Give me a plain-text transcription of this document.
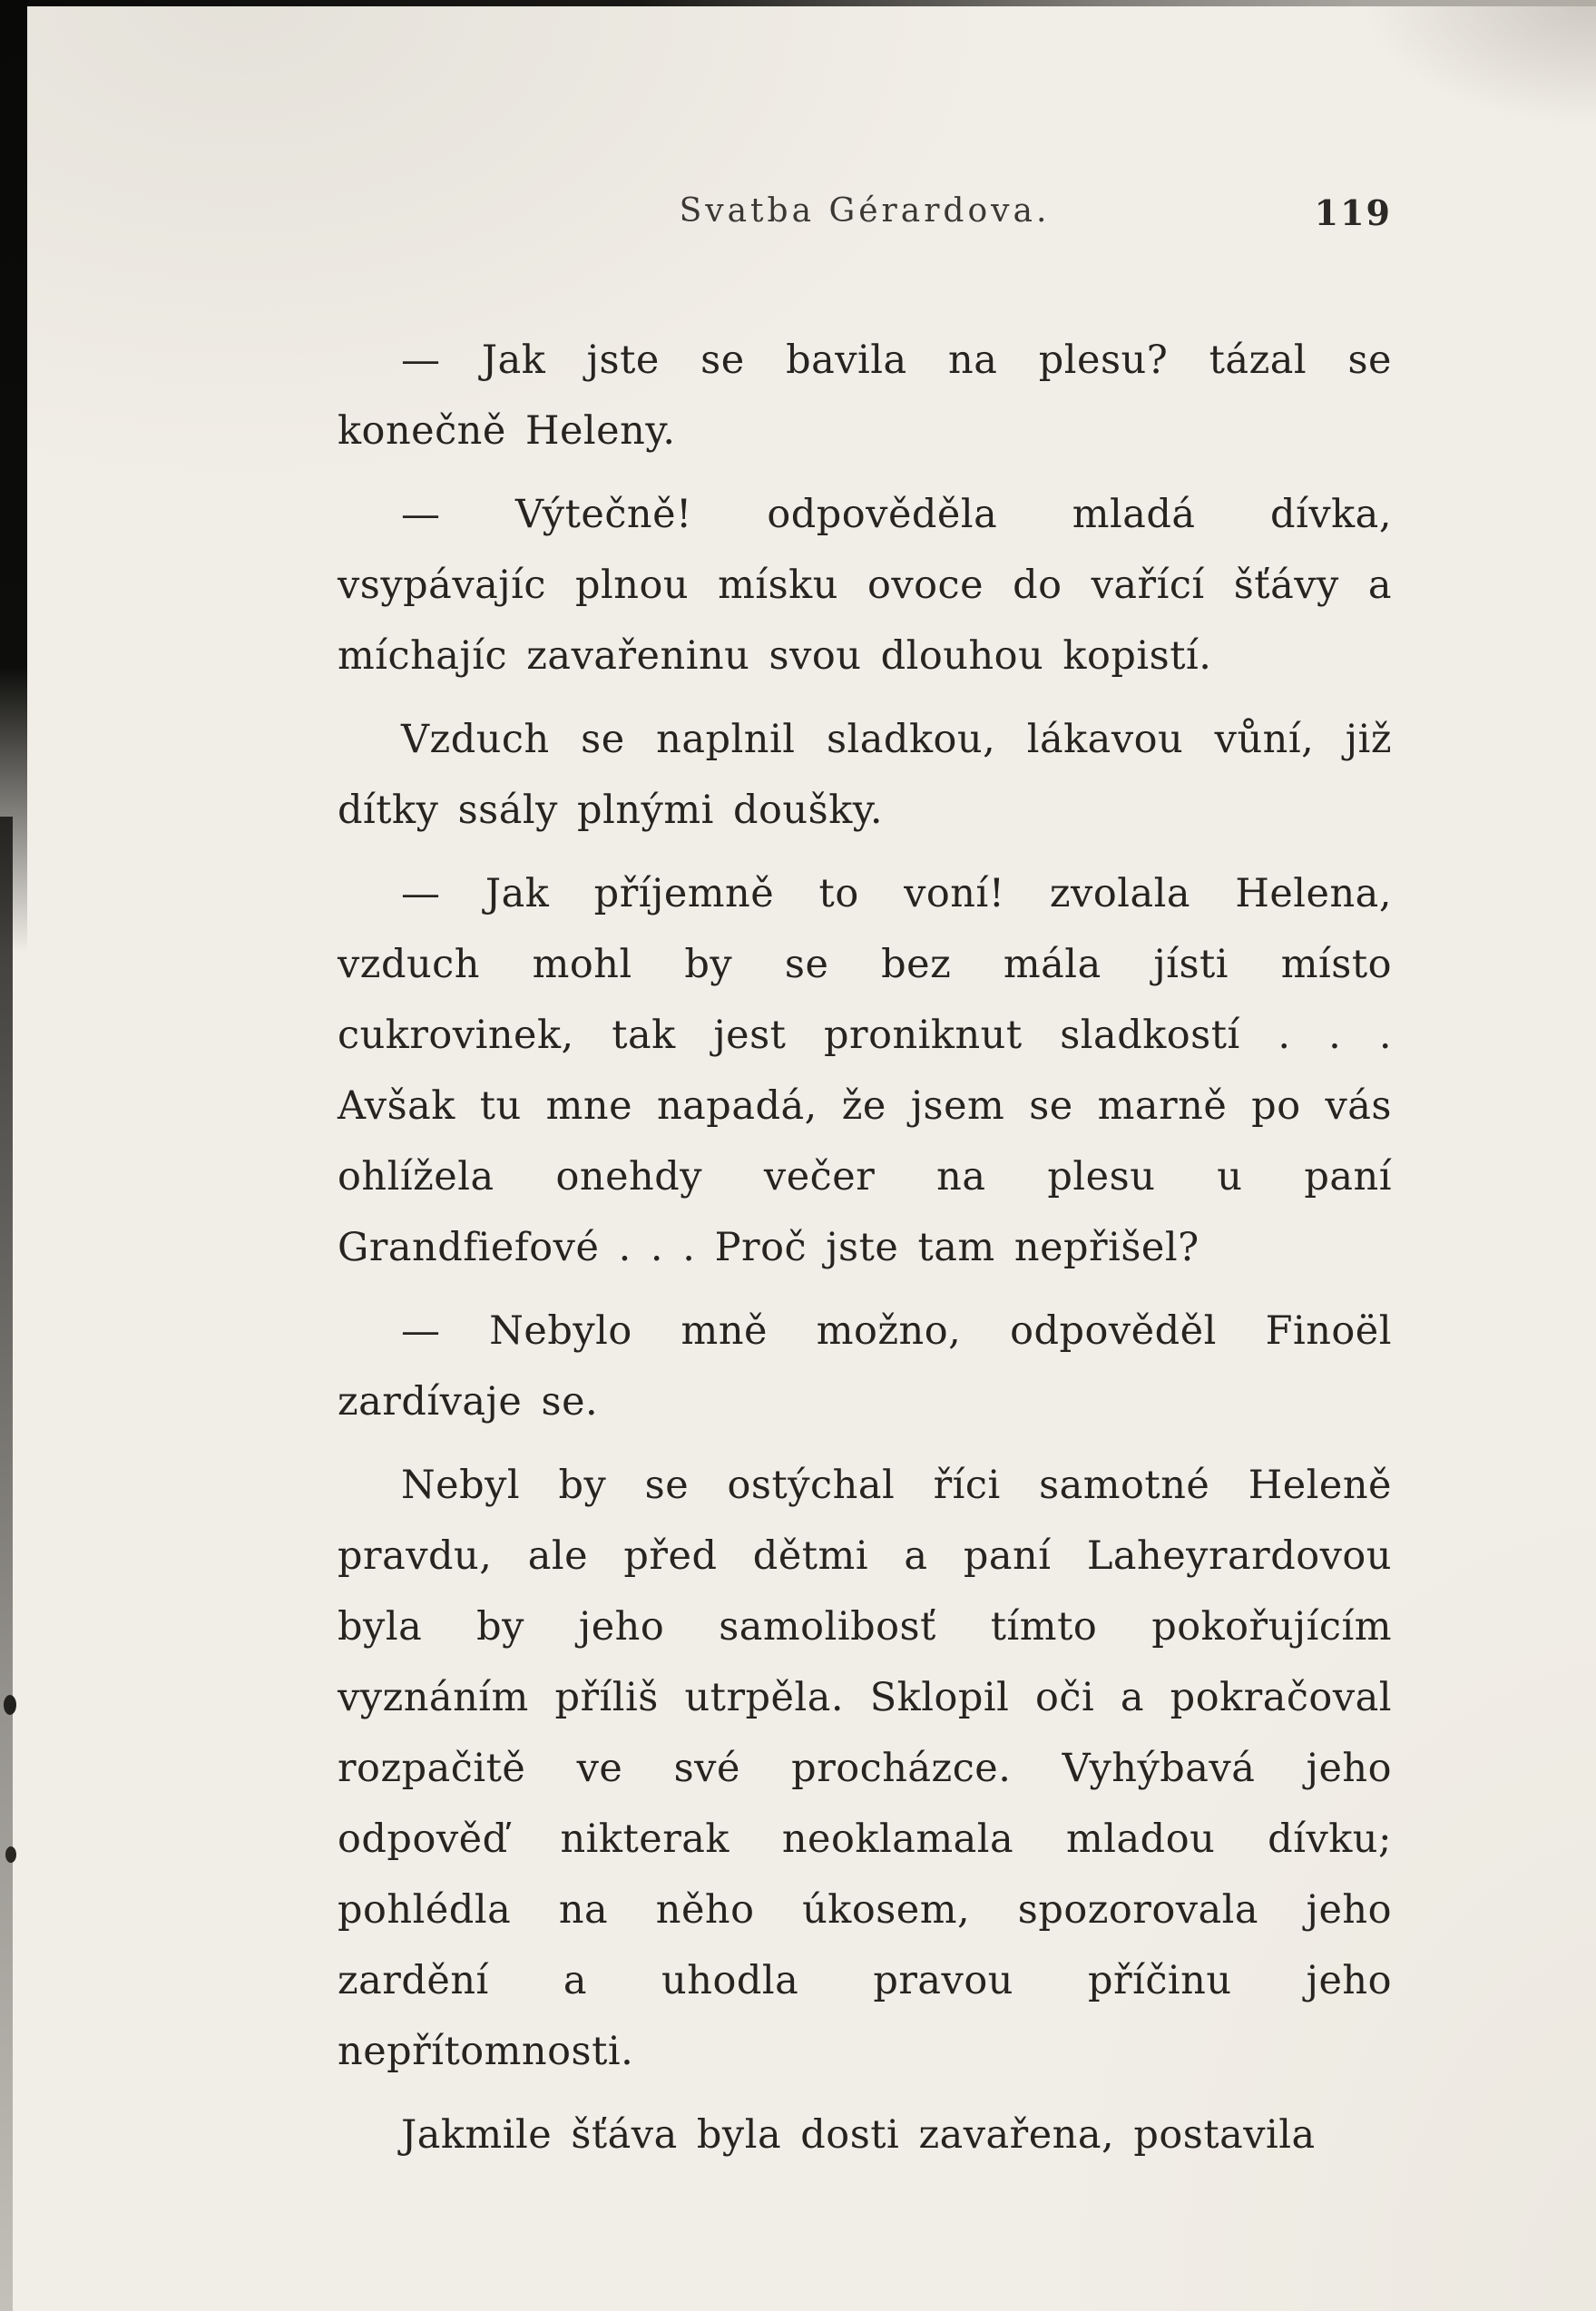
Svatba Gérardova.	119

— Jak jste se bavila na plesu? tázal se konečně Heleny.

— Výtečně! odpověděla mladá dívka, vsypávajíc plnou mísku ovoce do vařící šťávy a míchajíc zavařeninu svou dlouhou kopistí.

Vzduch se naplnil sladkou, lákavou vůní, již dítky ssály plnými doušky.

— Jak příjemně to voní! zvolala Helena, vzduch mohl by se bez mála jísti místo cukrovinek, tak jest proniknut sladkostí . . . Avšak tu mne napadá, že jsem se marně po vás ohlížela onehdy večer na plesu u paní Grandfiefové . . . Proč jste tam nepřišel?

— Nebylo mně možno, odpověděl Finoël zardívaje se.

Nebyl by se ostýchal říci samotné Heleně pravdu, ale před dětmi a paní Laheyrardovou byla by jeho samolibosť tímto pokořujícím vyznáním příliš utrpěla. Sklopil oči a pokračoval rozpačitě ve své procházce. Vyhýbavá jeho odpověď nikterak neoklamala mladou dívku; pohlédla na něho úkosem, spozorovala jeho zardění a uhodla pravou příčinu jeho nepřítomnosti.

Jakmile šťáva byla dosti zavařena, postavila
